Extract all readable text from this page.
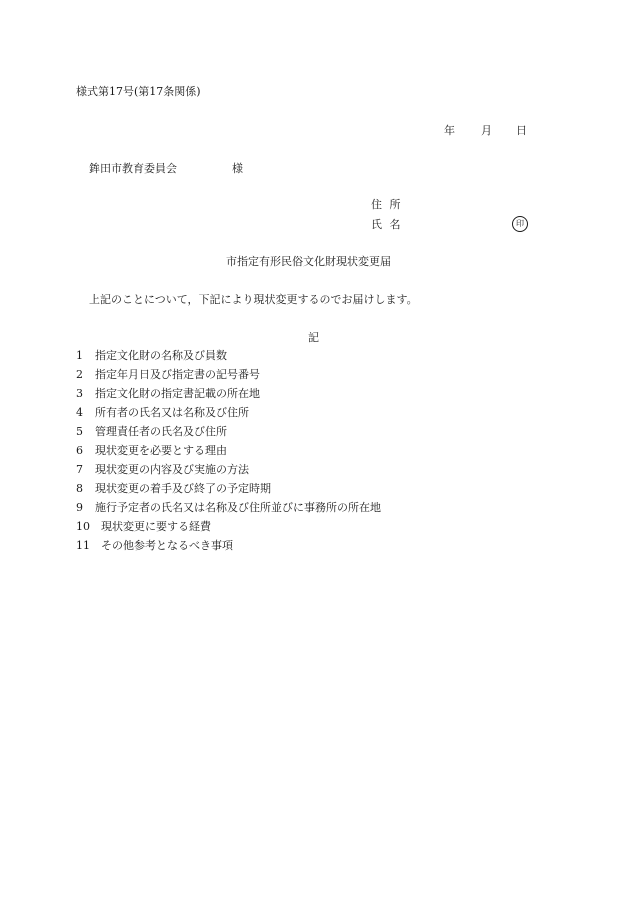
様式第17号(第17条関係)
年 月 日
鉾田市教育委員会	様
住 所
氏 名	印
市指定有形民俗文化財現状変更届
上記のことについて，下記により現状変更するのでお届けします。
記
1 指定文化財の名称及び員数
2 指定年月日及び指定書の記号番号
3 指定文化財の指定書記載の所在地
4 所有者の氏名又は名称及び住所
5 管理責任者の氏名及び住所
6 現状変更を必要とする理由
7 現状変更の内容及び実施の方法
8 現状変更の着手及び終了の予定時期
9 施行予定者の氏名又は名称及び住所並びに事務所の所在地
10 現状変更に要する経費
11 その他参考となるべき事項
